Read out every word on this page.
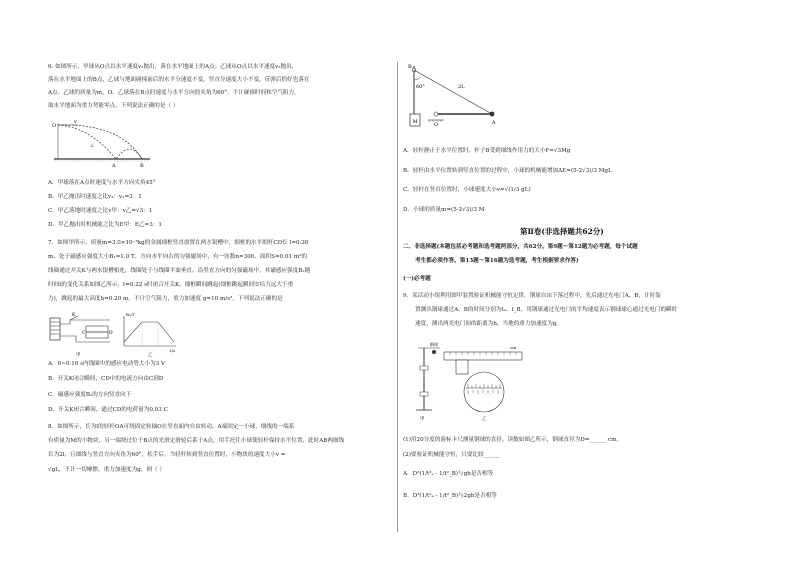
6. 如图所示，甲球从O点以水平速度v₁抛出，落在水平地面上的A点；乙球从O点以水平速度v₂抛出，
落在水平地面上的B点，乙球与地面碰撞前后的水平分速度不变，竖直分速度大小不变，反弹后恰好也落在
A点。乙球的质量为m，O、乙球落在B点时速度与水平方向的夹角为60°，不计碰撞时间和空气阻力，
取水平地面为重力势能零点，下列说法正确的是（ ）
O
v
A	B
∠
A．甲球落在A点时速度与水平方向夹角45°
B．甲乙抛出时速度之比v₁：v₂=3：1
C．甲乙落地时速度之比v甲：v乙=√3：1
D．甲乙抛出时机械能之比为E甲：E乙=3：1
7．如图甲所示，质量m=3.0×10⁻³kg的金属细框竖直放置在两水银槽中，细框的水平细杆CD长 l=0.20
m，处于磁感应强度大小B₁=1.0 T、方向水平向右的匀强磁场中，有一匝数n=300、面积S=0.01 m²的
线圈通过开关K与两水银槽相连，线圈处于与线圈平面垂直、沿竖直方向的匀强磁场中，其磁感应强度B₂随
时间t的变化关系如图乙所示。t=0.22 s时闭合开关K，细框瞬间跳起(细框跳起瞬间安培力远大于重
力)，跳起的最大高度h=0.20 m。不计空气阻力，重力加速度 g=10 m/s²，下列说法正确的是
K
C	D
甲
B₂/T
t/s
乙
A．0~0.10 s内线圈中的感应电动势大小为3 V
B．开关K闭合瞬间，CD中的电流方向由C到D
C．磁感应强度B₂的方向竖直向下
D．开关K闭合瞬间，通过CD的电荷量为0.03 C
8．如图所示，长为l的轻杆OA可绕固定转轴O在竖直面内自由转动，A端固定一小球，细线的一端系
有质量为M的小物块，另一端绕过位于B点的光滑定滑轮后系于A点，用手托住小球使轻杆保持水平位置，此时AB两细线
长为2l，且细线与竖直方向夹角为60°，松手后，当轻杆转到竖直位置时，小物块的速度大小v =
√gL，不计一切摩擦，重力加速度为g，则（ ）
B
60°	2L
M	O	A
A．轻杆静止于水平位置时，杆子B受到细线作用力的大小F=√3Mg
B．轻杆由水平位置转到竖直位置的过程中，小球的机械能增加ΔE=(5-2√3)/3 MgL
C．轻杆在竖直位置时，小球速度大小v=√(1/3 gL)
D．小球的质量m=(5-2√3)/3 M
第Ⅱ卷(非选择题共62分)
二、非选择题(本题包括必考题和选考题两部分，共62分。第9题～第12题为必考题，每个试题
考生都必须作答。第13题～第16题为选考题，考生根据要求作答)
(一)必考题
9．某活动小组利用图甲装置验证机械能守恒定律。钢球自由下落过程中，先后通过光电门A、B，计时装
置测出钢球通过A、B的时间分别为tₐ、t_B。用钢球通过光电门的平均速度表示钢球球心通过光电门的瞬时
速度，测出两光电门间的距离为h，当地的重力加速度为g。
钢球
甲
cm
乙
(1)用20分度的游标卡尺测量钢球的直径，读数如图乙所示，钢球直径为D=______ cm。
(2)要验证机械能守恒，只要比较______
A．D²(1/t²ₐ - 1/t²_B)与gh是否相等
B．D²(1/t²ₐ - 1/t²_B)与2gh是否相等
